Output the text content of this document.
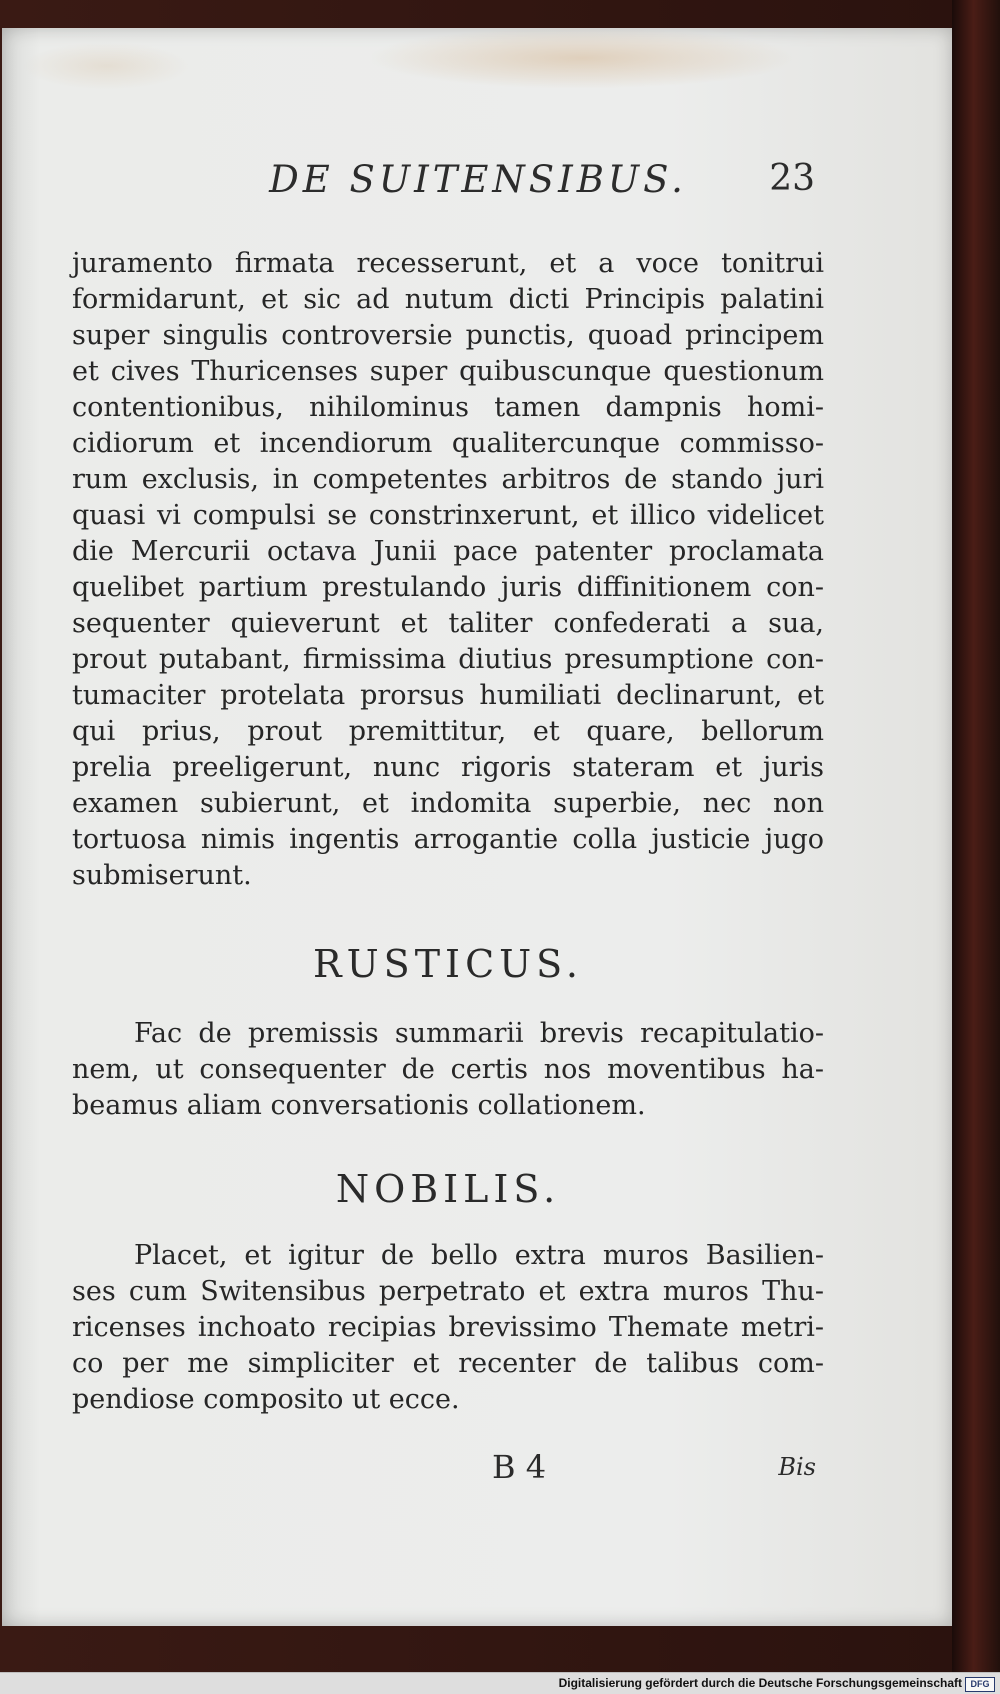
DE SUITENSIBUS.	23
juramento firmata recesserunt, et a voce tonitrui
formidarunt, et sic ad nutum dicti Principis palatini
super singulis controversie punctis, quoad principem
et cives Thuricenses super quibuscunque questionum
contentionibus, nihilominus tamen dampnis homi-
cidiorum et incendiorum qualitercunque commisso-
rum exclusis, in competentes arbitros de stando juri
quasi vi compulsi se constrinxerunt, et illico videlicet
die Mercurii octava Junii pace patenter proclamata
quelibet partium prestulando juris diffinitionem con-
sequenter quieverunt et taliter confederati a sua,
prout putabant, firmissima diutius presumptione con-
tumaciter protelata prorsus humiliati declinarunt, et
qui prius, prout premittitur, et quare, bellorum
prelia preeligerunt, nunc rigoris stateram et juris
examen subierunt, et indomita superbie, nec non
tortuosa nimis ingentis arrogantie colla justicie jugo
submiserunt.
RUSTICUS.
Fac de premissis summarii brevis recapitulatio-
nem, ut consequenter de certis nos moventibus ha-
beamus aliam conversationis collationem.
NOBILIS.
Placet, et igitur de bello extra muros Basilien-
ses cum Switensibus perpetrato et extra muros Thu-
ricenses inchoato recipias brevissimo Themate metri-
co per me simpliciter et recenter de talibus com-
pendiose composito ut ecce.
B 4	Bis
Digitalisierung gefördert durch die Deutsche Forschungsgemeinschaft DFG
